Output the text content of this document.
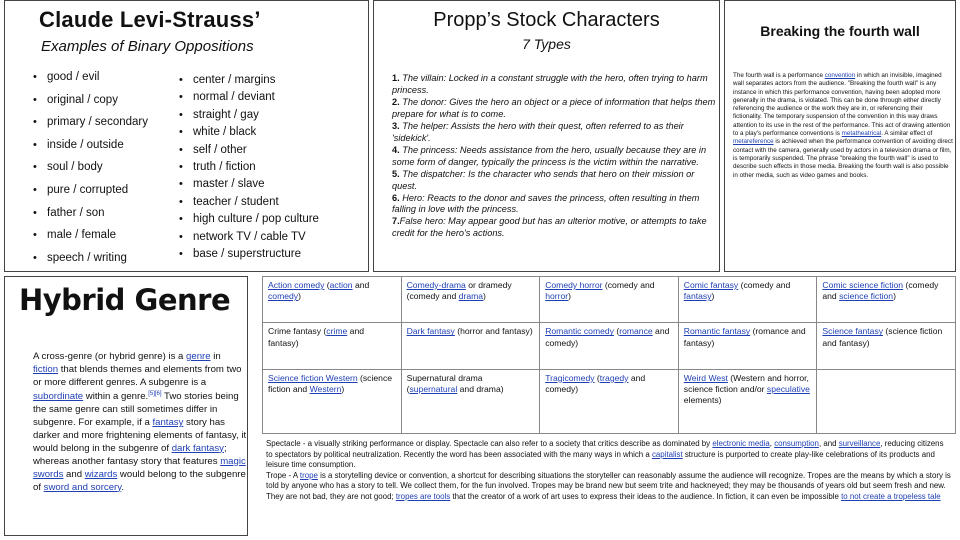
Claude Levi-Strauss’
Examples of Binary Oppositions
• good / evil
• original / copy
• primary / secondary
• inside / outside
• soul / body
• pure / corrupted
• father / son
• male / female
• speech / writing
• center / margins
• normal / deviant
• straight / gay
• white / black
• self / other
• truth / fiction
• master / slave
• teacher / student
• high culture / pop culture
• network TV / cable TV
• base / superstructure
Propp’s Stock Characters
7 Types

1. The villain: Locked in a constant struggle with the hero, often trying to harm princess.

2. The donor: Gives the hero an object or a piece of information that helps them prepare for what is to come.

3. The helper: Assists the hero with their quest, often referred to as their 'sidekick'.

4. The princess: Needs assistance from the hero, usually because they are in some form of danger, typically the princess is the victim within the narrative.

5. The dispatcher: Is the character who sends that hero on their mission or quest.

6. Hero: Reacts to the donor and saves the princess, often resulting in them falling in love with the princess.

7.False hero: May appear good but has an ulterior motive, or attempts to take credit for the hero's actions.

Breaking the fourth wall
The fourth wall is a performance convention in which an invisible, imagined wall separates actors from the audience. "Breaking the fourth wall" is any instance in which this performance convention, having been adopted more generally in the drama, is violated. This can be done through either directly referencing the audience or the work they are in, or referencing their fictionality. The temporary suspension of the convention in this way draws attention to its use in the rest of the performance. This act of drawing attention to a play's performance conventions is metatheatrical. A similar effect of metareference is achieved when the performance convention of avoiding direct contact with the camera, generally used by actors in a television drama or film, is temporarily suspended. The phrase "breaking the fourth wall" is used to describe such effects in those media. Breaking the fourth wall is also possible in other media, such as video games and books.
Hybrid Genre
A cross-genre (or hybrid genre) is a genre in fiction that blends themes and elements from two or more different genres. A subgenre is a subordinate within a genre.[5][6] Two stories being the same genre can still sometimes differ in subgenre. For example, if a fantasy story has darker and more frightening elements of fantasy, it would belong in the subgenre of dark fantasy; whereas another fantasy story that features magic swords and wizards would belong to the subgenre of sword and sorcery.
Action comedy (action and comedy)	Comedy-drama or dramedy (comedy and drama)	Comedy horror (comedy and horror)	Comic fantasy (comedy and fantasy)	Comic science fiction (comedy and science fiction)
Crime fantasy (crime and fantasy)	Dark fantasy (horror and fantasy)	Romantic comedy (romance and comedy)	Romantic fantasy (romance and fantasy)	Science fantasy (science fiction and fantasy)
Science fiction Western (science fiction and Western)	Supernatural drama (supernatural and drama)	Tragicomedy (tragedy and comedy)	Weird West (Western and horror, science fiction and/or speculative elements)	
Spectacle - a visually striking performance or display. Spectacle can also refer to a society that critics describe as dominated by electronic media, consumption, and surveillance, reducing citizens to spectators by political neutralization. Recently the word has been associated with the many ways in which a capitalist structure is purported to create play-like celebrations of its products and leisure time consumption.
Trope - A trope is a storytelling device or convention, a shortcut for describing situations the storyteller can reasonably assume the audience will recognize. Tropes are the means by which a story is told by anyone who has a story to tell. We collect them, for the fun involved. Tropes may be brand new but seem trite and hackneyed; they may be thousands of years old but seem fresh and new. They are not bad, they are not good; tropes are tools that the creator of a work of art uses to express their ideas to the audience. In fiction, it can even be impossible to not create a tropeless tale
